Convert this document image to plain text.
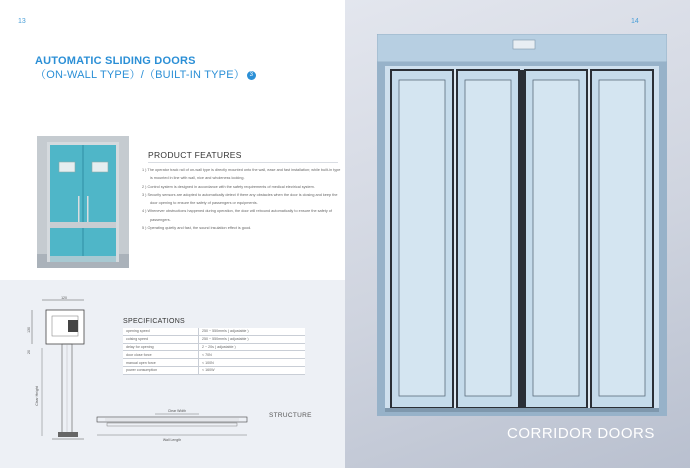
13
AUTOMATIC SLIDING DOORS
（ON-WALL TYPE）/（BUILT-IN TYPE） 3
PRODUCT FEATURES
1 ) The operator track rail of on-wall type is directly mounted onto the wall, ease and fast installation; while built-in type is mounted in line with wall, nice and wholeness looking.
2 ) Control system is designed in accordance with the safety requirements of medical electrical system.
3 ) Security sensors are adopted to automatically detect if there any obstacles when the door is closing and keep the door opening to ensure the safety of passengers or equipments.
4 ) Whenever obstructions happened during operation, the door will rebound automatically to ensure the safety of passengers.
5 ) Operating quietly and fast, the sound insulation effect is good.
120
130
20
Clear Height
SPECIFICATIONS
opening speed	250 ~ 550mm/s ( adjustable )
colsing speed	250 ~ 550mm/s ( adjustable )
delay for opening	2 ~ 20s ( adjustable )
door close force	< 70N
manual open force	< 100N
power consumption	< 160W
Clear Width
Wall Length
STRUCTURE
14
CORRIDOR DOORS
